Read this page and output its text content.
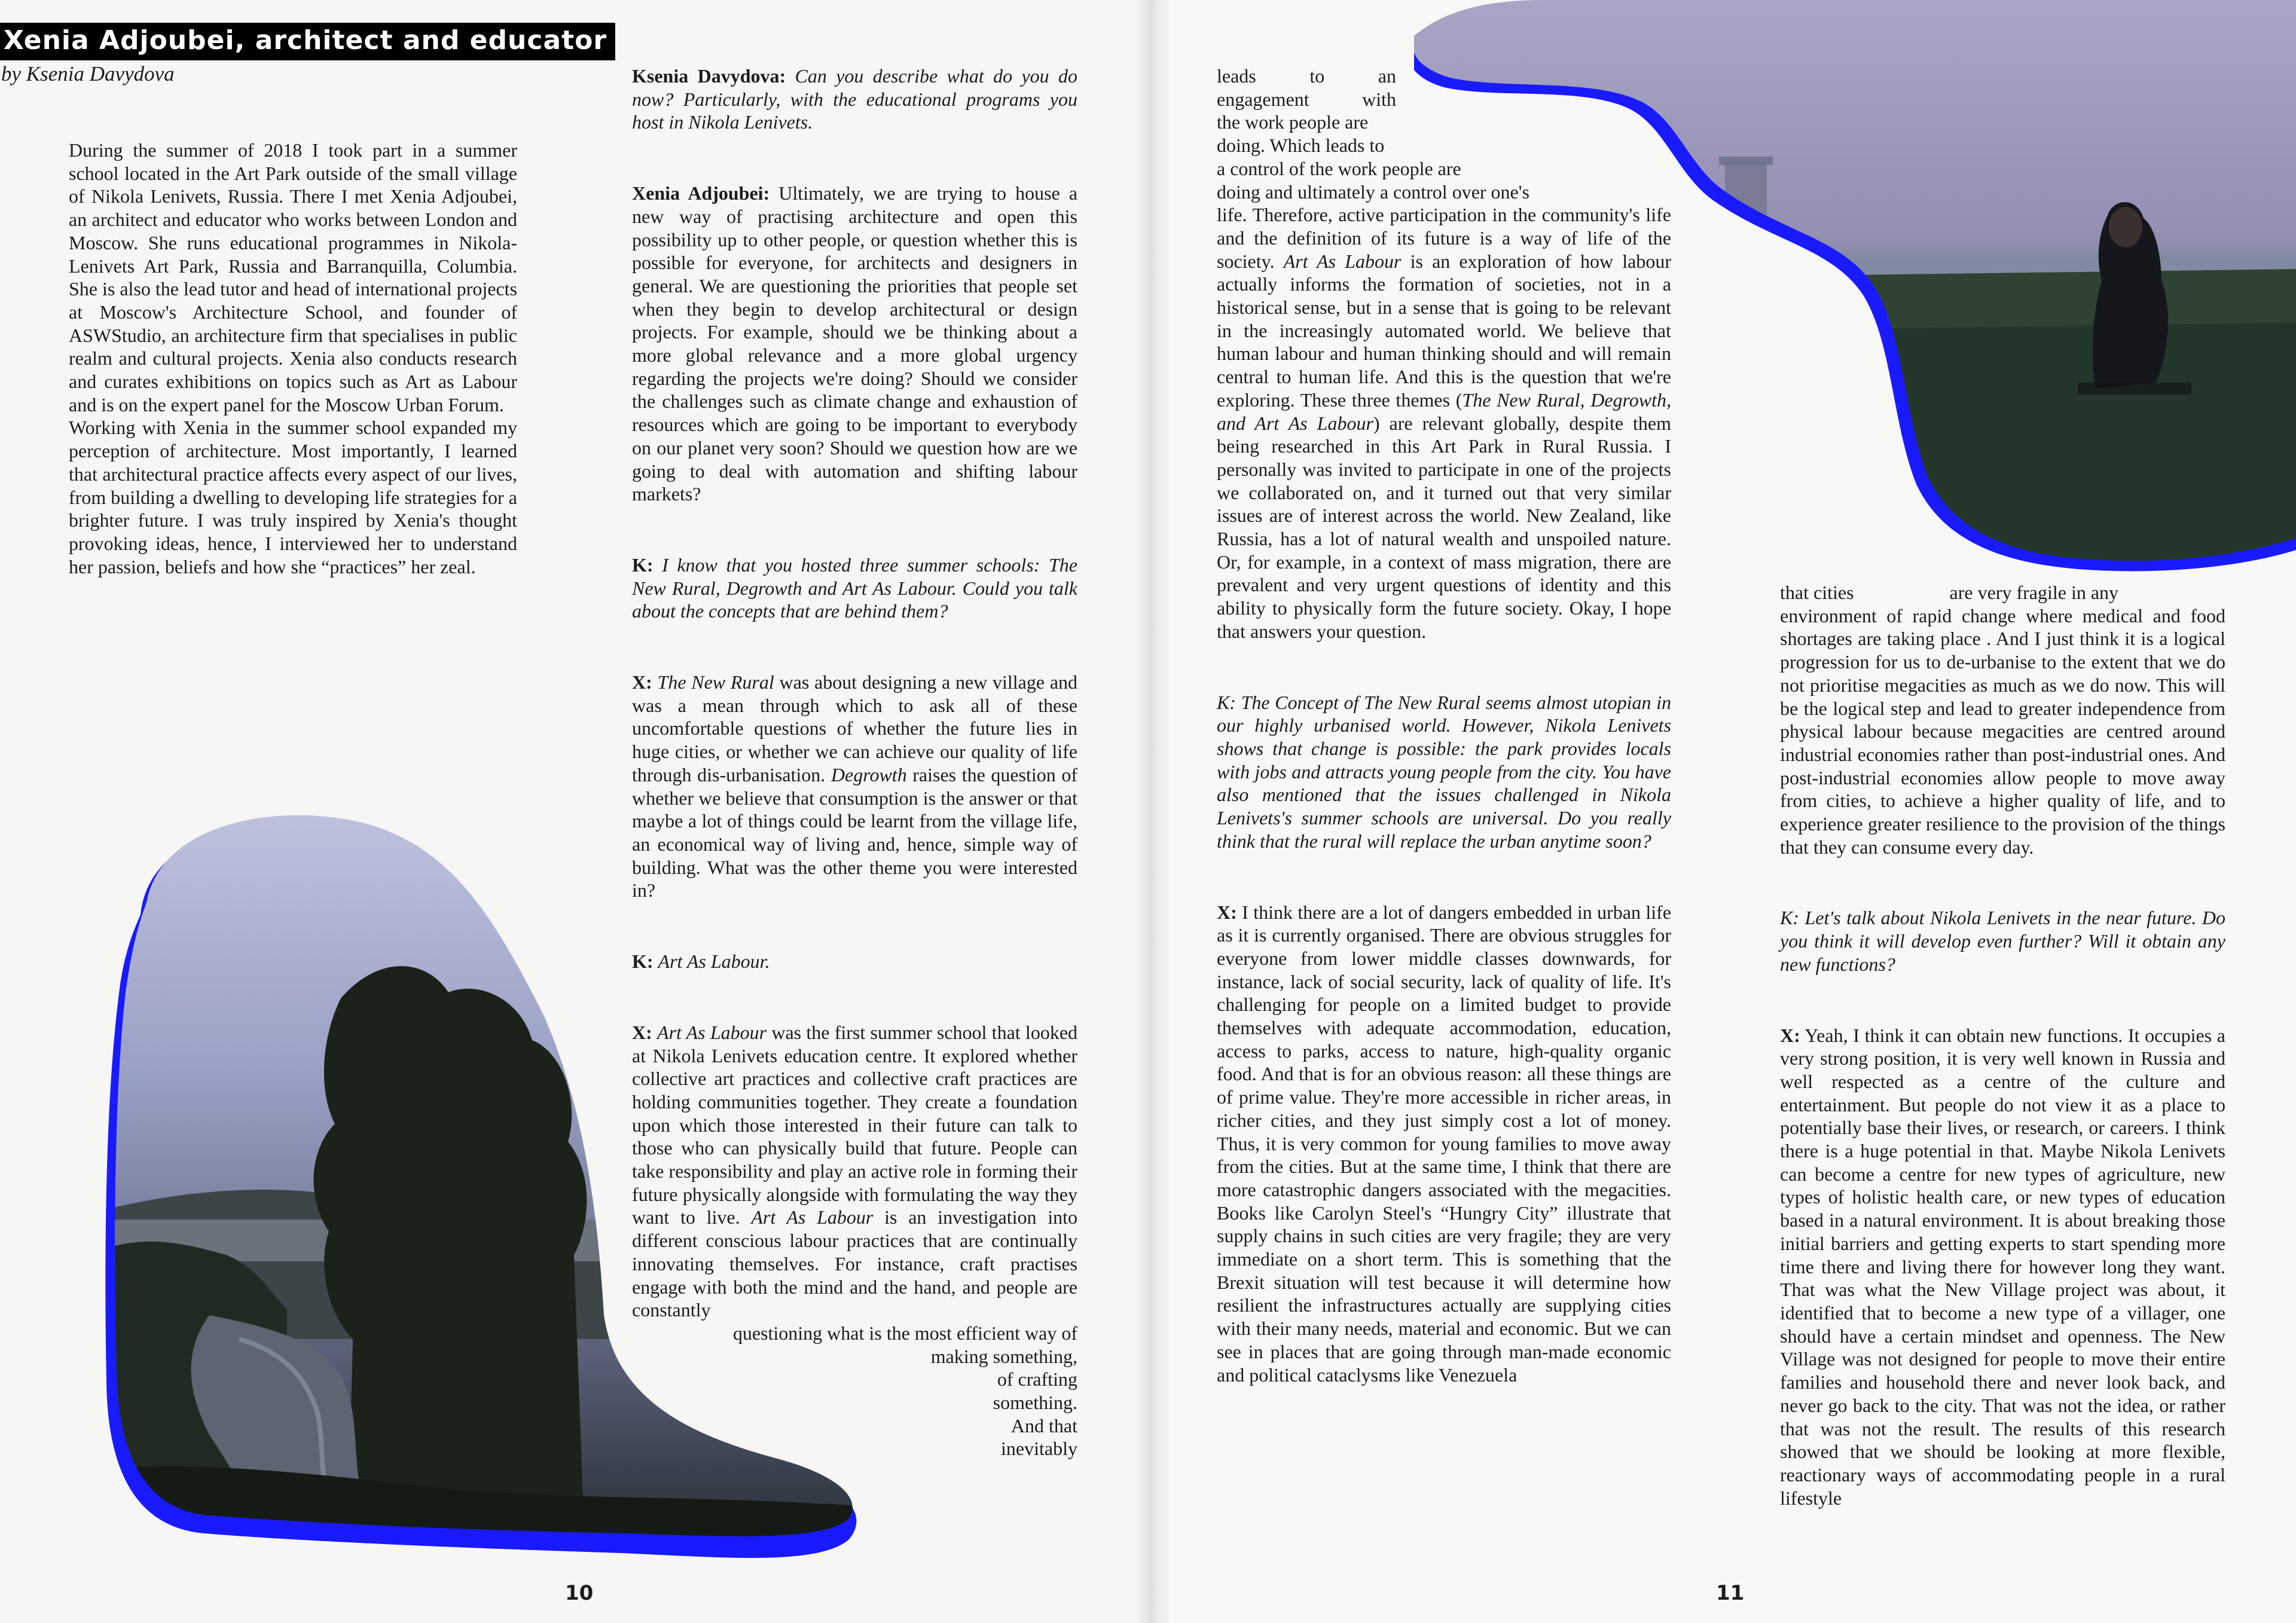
Xenia Adjoubei, architect and educator
by Ksenia Davydova

During the summer of 2018 I took part in a summer school located in the Art Park outside of the small village of Nikola Lenivets, Russia. There I met Xenia Adjoubei, an architect and educator who works between London and Moscow. She runs educational programmes in Nikola-Lenivets Art Park, Russia and Barranquilla, Columbia. She is also the lead tutor and head of international projects at Moscow's Architecture School, and founder of ASWStudio, an architecture firm that specialises in public realm and cultural projects. Xenia also conducts research and curates exhibitions on topics such as Art as Labour and is on the expert panel for the Moscow Urban Forum.

Working with Xenia in the summer school expanded my perception of architecture. Most importantly, I learned that architectural practice affects every aspect of our lives, from building a dwelling to developing life strategies for a brighter future. I was truly inspired by Xenia's thought provoking ideas, hence, I interviewed her to understand her passion, beliefs and how she “practices” her zeal.

Ksenia Davydova: Can you describe what do you do now? Particularly, with the educational programs you host in Nikola Lenivets.

Xenia Adjoubei: Ultimately, we are trying to house a new way of practising architecture and open this possibility up to other people, or question whether this is possible for everyone, for architects and designers in general. We are questioning the priorities that people set when they begin to develop architectural or design projects. For example, should we be thinking about a more global relevance and a more global urgency regarding the projects we're doing? Should we consider the challenges such as climate change and exhaustion of resources which are going to be important to everybody on our planet very soon? Should we question how are we going to deal with automation and shifting labour markets?

K: I know that you hosted three summer schools: The New Rural, Degrowth and Art As Labour. Could you talk about the concepts that are behind them?

X: The New Rural was about designing a new village and was a mean through which to ask all of these uncomfortable questions of whether the future lies in huge cities, or whether we can achieve our quality of life through dis-urbanisation. Degrowth raises the question of whether we believe that consumption is the answer or that maybe a lot of things could be learnt from the village life, an economical way of living and, hence, simple way of building. What was the other theme you were interested in?

K: Art As Labour.

X: Art As Labour was the first summer school that looked at Nikola Lenivets education centre. It explored whether collective art practices and collective craft practices are holding communities together. They create a foundation upon which those interested in their future can talk to those who can physically build that future. People can take responsibility and play an active role in forming their future physically alongside with formulating the way they want to live. Art As Labour is an investigation into different conscious labour practices that are continually innovating themselves. For instance, craft practises engage with both the mind and the hand, and people are constantly

questioning what is the most efficient way of
making something,
of crafting
something.
And that
inevitably
10
leads to an
engagement with
the work people are
doing. Which leads to
a control of the work people are
doing and ultimately a control over one's

life. Therefore, active participation in the community's life and the definition of its future is a way of life of the society. Art As Labour is an exploration of how labour actually informs the formation of societies, not in a historical sense, but in a sense that is going to be relevant in the increasingly automated world. We believe that human labour and human thinking should and will remain central to human life. And this is the question that we're exploring. These three themes (The New Rural, Degrowth, and Art As Labour) are relevant globally, despite them being researched in this Art Park in Rural Russia. I personally was invited to participate in one of the projects we collaborated on, and it turned out that very similar issues are of interest across the world. New Zealand, like Russia, has a lot of natural wealth and unspoiled nature. Or, for example, in a context of mass migration, there are prevalent and very urgent questions of identity and this ability to physically form the future society. Okay, I hope that answers your question.

K: The Concept of The New Rural seems almost utopian in our highly urbanised world. However, Nikola Lenivets shows that change is possible: the park provides locals with jobs and attracts young people from the city. You have also mentioned that the issues challenged in Nikola Lenivets's summer schools are universal. Do you really think that the rural will replace the urban anytime soon?

X: I think there are a lot of dangers embedded in urban life as it is currently organised. There are obvious struggles for everyone from lower middle classes downwards, for instance, lack of social security, lack of quality of life. It's challenging for people on a limited budget to provide themselves with adequate accommodation, education, access to parks, access to nature, high-quality organic food. And that is for an obvious reason: all these things are of prime value. They're more accessible in richer areas, in richer cities, and they just simply cost a lot of money. Thus, it is very common for young families to move away from the cities. But at the same time, I think that there are more catastrophic dangers associated with the megacities. Books like Carolyn Steel's “Hungry City” illustrate that supply chains in such cities are very fragile; they are very immediate on a short term. This is something that the Brexit situation will test because it will determine how resilient the infrastructures actually are supplying cities with their many needs, material and economic. But we can see in places that are going through man-made economic and political cataclysms like Venezuela

that cities                    are very fragile in any

environment of rapid change where medical and food shortages are taking place . And I just think it is a logical progression for us to de-urbanise to the extent that we do not prioritise megacities as much as we do now. This will be the logical step and lead to greater independence from physical labour because megacities are centred around industrial economies rather than post-industrial ones. And post-industrial economies allow people to move away from cities, to achieve a higher quality of life, and to experience greater resilience to the provision of the things that they can consume every day.

K: Let's talk about Nikola Lenivets in the near future. Do you think it will develop even further? Will it obtain any new functions?

X: Yeah, I think it can obtain new functions. It occupies a very strong position, it is very well known in Russia and well respected as a centre of the culture and entertainment. But people do not view it as a place to potentially base their lives, or research, or careers. I think there is a huge potential in that. Maybe Nikola Lenivets can become a centre for new types of agriculture, new types of holistic health care, or new types of education based in a natural environment. It is about breaking those initial barriers and getting experts to start spending more time there and living there for however long they want. That was what the New Village project was about, it identified that to become a new type of a villager, one should have a certain mindset and openness. The New Village was not designed for people to move their entire families and household there and never look back, and never go back to the city. That was not the idea, or rather that was not the result. The results of this research showed that we should be looking at more flexible, reactionary ways of accommodating people in a rural lifestyle

11
